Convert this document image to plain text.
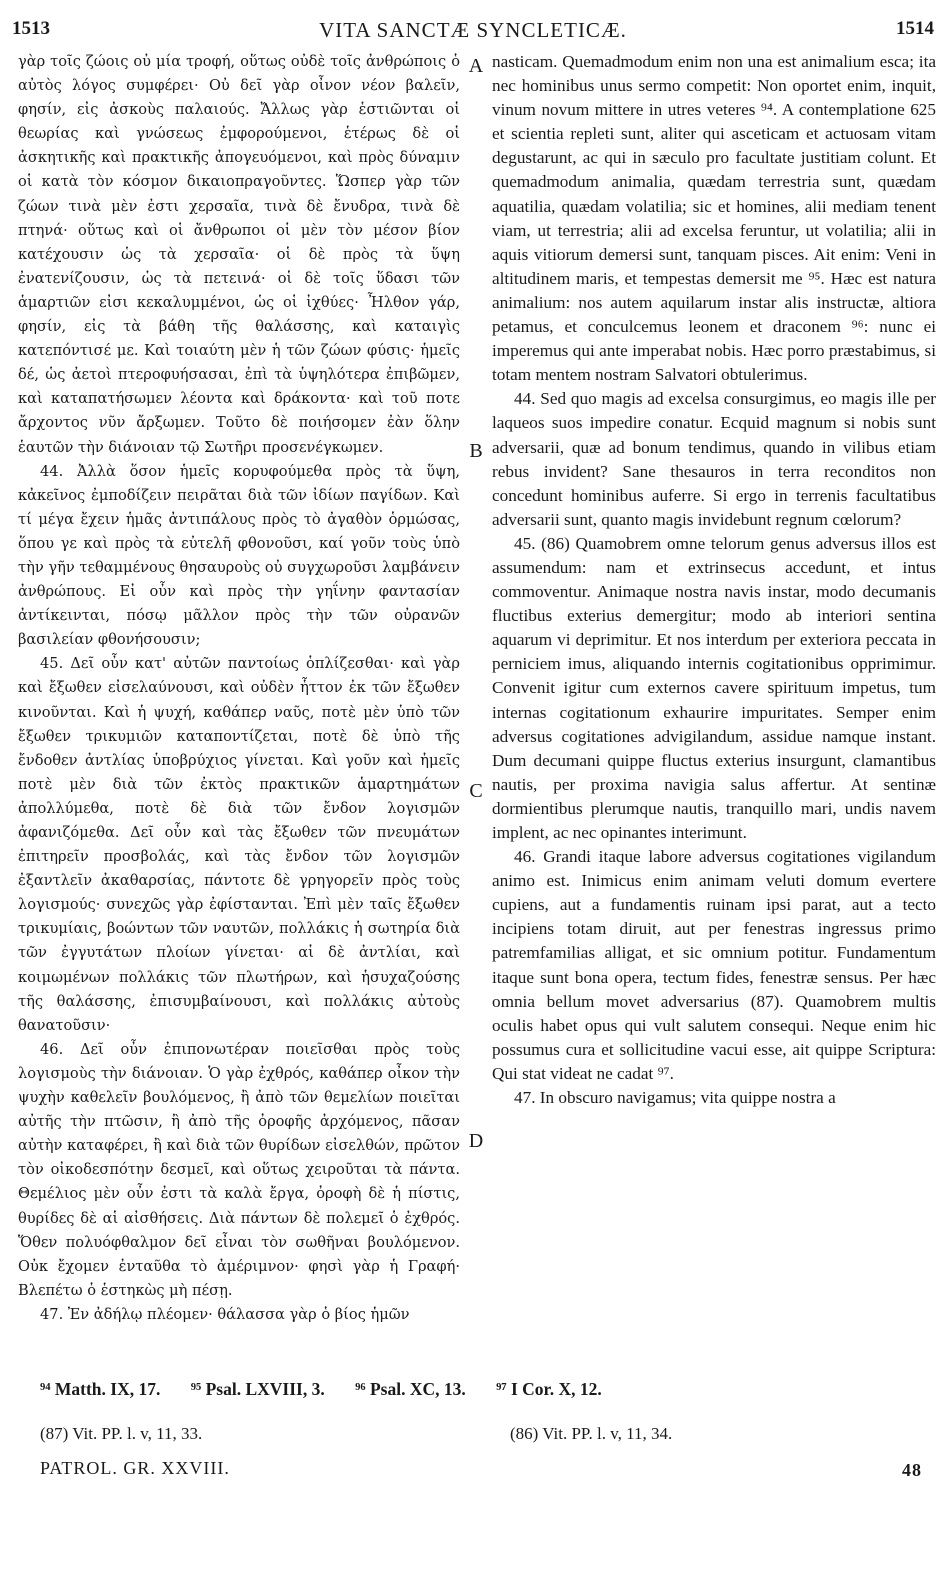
1513	VITA SANCTÆ SYNCLETICÆ.	1514

γὰρ τοῖς ζώοις οὐ μία τροφή, οὕτως οὐδὲ τοῖς ἀνθρώποις ὁ αὐτὸς λόγος συμφέρει· Οὐ δεῖ γὰρ οἶνον νέον βαλεῖν, φησίν, εἰς ἀσκοὺς παλαιούς. Ἄλλως γὰρ ἑστιῶνται οἱ θεωρίας καὶ γνώσεως ἐμφορούμενοι, ἑτέρως δὲ οἱ ἀσκητικῆς καὶ πρακτικῆς ἀπογευόμενοι, καὶ πρὸς δύναμιν οἱ κατὰ τὸν κόσμον δικαιοπραγοῦντες. Ὥσπερ γὰρ τῶν ζώων τινὰ μὲν ἐστι χερσαῖα, τινὰ δὲ ἔνυδρα, τινὰ δὲ πτηνά· οὕτως καὶ οἱ ἄνθρωποι οἱ μὲν τὸν μέσον βίον κατέχουσιν ὡς τὰ χερσαῖα· οἱ δὲ πρὸς τὰ ὕψη ἐνατενίζουσιν, ὡς τὰ πετεινά· οἱ δὲ τοῖς ὕδασι τῶν ἁμαρτιῶν εἰσι κεκαλυμμένοι, ὡς οἱ ἰχθύες· Ἦλθον γάρ, φησίν, εἰς τὰ βάθη τῆς θαλάσσης, καὶ καταιγὶς κατεπόντισέ με. Καὶ τοιαύτη μὲν ἡ τῶν ζώων φύσις· ἡμεῖς δέ, ὡς ἀετοὶ πτεροφυήσασαι, ἐπὶ τὰ ὑψηλότερα ἐπιβῶμεν, καὶ καταπατήσωμεν λέοντα καὶ δράκοντα· καὶ τοῦ ποτε ἄρχοντος νῦν ἄρξωμεν. Τοῦτο δὲ ποιήσομεν ἐὰν ὅλην ἑαυτῶν τὴν διάνοιαν τῷ Σωτῆρι προσενέγκωμεν.

44. Ἀλλὰ ὅσον ἡμεῖς κορυφούμεθα πρὸς τὰ ὕψη, κἀκεῖνος ἐμποδίζειν πειρᾶται διὰ τῶν ἰδίων παγίδων. Καὶ τί μέγα ἔχειν ἡμᾶς ἀντιπάλους πρὸς τὸ ἀγαθὸν ὁρμώσας, ὅπου γε καὶ πρὸς τὰ εὐτελῆ φθονοῦσι, καί γοῦν τοὺς ὑπὸ τὴν γῆν τεθαμμένους θησαυροὺς οὐ συγχωροῦσι λαμβάνειν ἀνθρώπους. Εἰ οὖν καὶ πρὸς τὴν γηΐνην φαντασίαν ἀντίκεινται, πόσῳ μᾶλλον πρὸς τὴν τῶν οὐρανῶν βασιλείαν φθονήσουσιν;

45. Δεῖ οὖν κατ' αὐτῶν παντοίως ὁπλίζεσθαι· καὶ γὰρ καὶ ἔξωθεν εἰσελαύνουσι, καὶ οὐδὲν ἧττον ἐκ τῶν ἔξωθεν κινοῦνται. Καὶ ἡ ψυχή, καθάπερ ναῦς, ποτὲ μὲν ὑπὸ τῶν ἔξωθεν τρικυμιῶν καταποντίζεται, ποτὲ δὲ ὑπὸ τῆς ἔνδοθεν ἀντλίας ὑποβρύχιος γίνεται. Καὶ γοῦν καὶ ἡμεῖς ποτὲ μὲν διὰ τῶν ἐκτὸς πρακτικῶν ἁμαρτημάτων ἀπολλύμεθα, ποτὲ δὲ διὰ τῶν ἔνδον λογισμῶν ἀφανιζόμεθα. Δεῖ οὖν καὶ τὰς ἔξωθεν τῶν πνευμάτων ἐπιτηρεῖν προσβολάς, καὶ τὰς ἔνδον τῶν λογισμῶν ἐξαντλεῖν ἀκαθαρσίας, πάντοτε δὲ γρηγορεῖν πρὸς τοὺς λογισμούς· συνεχῶς γὰρ ἐφίστανται. Ἐπὶ μὲν ταῖς ἔξωθεν τρικυμίαις, βοώντων τῶν ναυτῶν, πολλάκις ἡ σωτηρία διὰ τῶν ἐγγυτάτων πλοίων γίνεται· αἱ δὲ ἀντλίαι, καὶ κοιμωμένων πολλάκις τῶν πλωτήρων, καὶ ἡσυχαζούσης τῆς θαλάσσης, ἐπισυμβαίνουσι, καὶ πολλάκις αὐτοὺς θανατοῦσιν·

46. Δεῖ οὖν ἐπιπονωτέραν ποιεῖσθαι πρὸς τοὺς λογισμοὺς τὴν διάνοιαν. Ὁ γὰρ ἐχθρός, καθάπερ οἶκον τὴν ψυχὴν καθελεῖν βουλόμενος, ἢ ἀπὸ τῶν θεμελίων ποιεῖται αὐτῆς τὴν πτῶσιν, ἢ ἀπὸ τῆς ὀροφῆς ἀρχόμενος, πᾶσαν αὐτὴν καταφέρει, ἢ καὶ διὰ τῶν θυρίδων εἰσελθών, πρῶτον τὸν οἰκοδεσπότην δεσμεῖ, καὶ οὕτως χειροῦται τὰ πάντα. Θεμέλιος μὲν οὖν ἐστι τὰ καλὰ ἔργα, ὀροφὴ δὲ ἡ πίστις, θυρίδες δὲ αἱ αἰσθήσεις. Διὰ πάντων δὲ πολεμεῖ ὁ ἐχθρός. Ὅθεν πολυόφθαλμον δεῖ εἶναι τὸν σωθῆναι βουλόμενον. Οὐκ ἔχομεν ἐνταῦθα τὸ ἀμέριμνον· φησὶ γὰρ ἡ Γραφή· Βλεπέτω ὁ ἑστηκὼς μὴ πέσῃ.

47. Ἐν ἀδήλῳ πλέομεν· θάλασσα γὰρ ὁ βίος ἡμῶν

nasticam. Quemadmodum enim non una est animalium esca; ita nec hominibus unus sermo competit: Non oportet enim, inquit, vinum novum mittere in utres veteres ⁹⁴. A contemplatione 625 et scientia repleti sunt, aliter qui asceticam et actuosam vitam degustarunt, ac qui in sæculo pro facultate justitiam colunt. Et quemadmodum animalia, quædam terrestria sunt, quædam aquatilia, quædam volatilia; sic et homines, alii mediam tenent viam, ut terrestria; alii ad excelsa feruntur, ut volatilia; alii in aquis vitiorum demersi sunt, tanquam pisces. Ait enim: Veni in altitudinem maris, et tempestas demersit me ⁹⁵. Hæc est natura animalium: nos autem aquilarum instar alis instructæ, altiora petamus, et conculcemus leonem et draconem ⁹⁶: nunc ei imperemus qui ante imperabat nobis. Hæc porro præstabimus, si totam mentem nostram Salvatori obtulerimus.

44. Sed quo magis ad excelsa consurgimus, eo magis ille per laqueos suos impedire conatur. Ecquid magnum si nobis sunt adversarii, quæ ad bonum tendimus, quando in vilibus etiam rebus invident? Sane thesauros in terra reconditos non concedunt hominibus auferre. Si ergo in terrenis facultatibus adversarii sunt, quanto magis invidebunt regnum cœlorum?

45. (86) Quamobrem omne telorum genus adversus illos est assumendum: nam et extrinsecus accedunt, et intus commoventur. Animaque nostra navis instar, modo decumanis fluctibus exterius demergitur; modo ab interiori sentina aquarum vi deprimitur. Et nos interdum per exteriora peccata in perniciem imus, aliquando internis cogitationibus opprimimur. Convenit igitur cum externos cavere spirituum impetus, tum internas cogitationum exhaurire impuritates. Semper enim adversus cogitationes advigilandum, assidue namque instant. Dum decumani quippe fluctus exterius insurgunt, clamantibus nautis, per proxima navigia salus affertur. At sentinæ dormientibus plerumque nautis, tranquillo mari, undis navem implent, ac nec opinantes interimunt.

46. Grandi itaque labore adversus cogitationes vigilandum animo est. Inimicus enim animam veluti domum evertere cupiens, aut a fundamentis ruinam ipsi parat, aut a tecto incipiens totam diruit, aut per fenestras ingressus primo patremfamilias alligat, et sic omnium potitur. Fundamentum itaque sunt bona opera, tectum fides, fenestræ sensus. Per hæc omnia bellum movet adversarius (87). Quamobrem multis oculis habet opus qui vult salutem consequi. Neque enim hic possumus cura et sollicitudine vacui esse, ait quippe Scriptura: Qui stat videat ne cadat ⁹⁷.

47. In obscuro navigamus; vita quippe nostra a

A
B
C
D
⁹⁴ Matth. IX, 17. ⁹⁵ Psal. LXVIII, 3. ⁹⁶ Psal. XC, 13. ⁹⁷ I Cor. X, 12.
(87) Vit. PP. l. v, 11, 33.	(86) Vit. PP. l. v, 11, 34.
PATROL. GR. XXVIII.	48
